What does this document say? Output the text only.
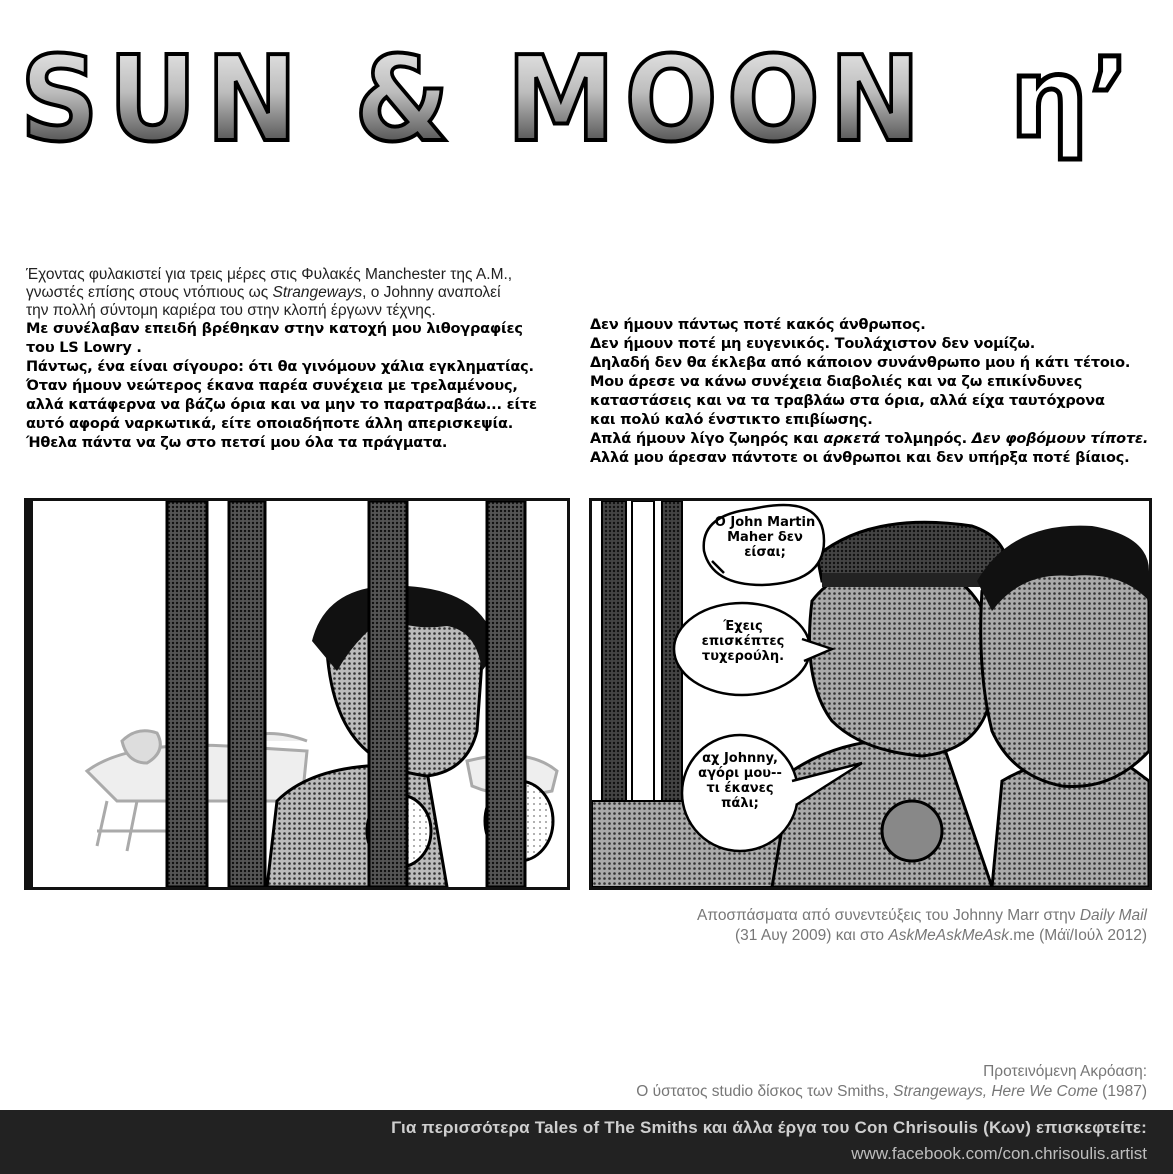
SUN & MOON η’

Έχοντας φυλακιστεί για τρεις μέρες στις Φυλακές Manchester της Α.Μ.,

γνωστές επίσης στους ντόπιους ως Strangeways, ο Johnny αναπολεί

την πολλή σύντομη καριέρα του στην κλοπή έργωνν τέχνης.

Με συνέλαβαν επειδή βρέθηκαν στην κατοχή μου λιθογραφίες

του LS Lowry .

Πάντως, ένα είναι σίγουρο: ότι θα γινόμουν χάλια εγκληματίας.

Όταν ήμουν νεώτερος έκανα παρέα συνέχεια με τρελαμένους,

αλλά κατάφερνα να βάζω όρια και να μην το παρατραβάω... είτε

αυτό αφορά ναρκωτικά, είτε οποιαδήποτε άλλη απερισκεψία.

Ήθελα πάντα να ζω στο πετσί μου όλα τα πράγματα.

Δεν ήμουν πάντως ποτέ κακός άνθρωπος.

Δεν ήμουν ποτέ μη ευγενικός. Τουλάχιστον δεν νομίζω.

Δηλαδή δεν θα έκλεβα από κάποιον συνάνθρωπο μου ή κάτι τέτοιο.

Μου άρεσε να κάνω συνέχεια διαβολιές και να ζω επικίνδυνες

καταστάσεις και να τα τραβλάω στα όρια, αλλά είχα ταυτόχρονα

και πολύ καλό ένστικτο επιβίωσης.

Απλά ήμουν λίγο ζωηρός και αρκετά τολμηρός. Δεν φοβόμουν τίποτε.

Αλλά μου άρεσαν πάντοτε οι άνθρωποι και δεν υπήρξα ποτέ βίαιος.

Ο John Martin Maher δεν είσαι;
Έχεις επισκέπτες τυχερούλη.
αχ Johnny, αγόρι μου-- τι έκανες πάλι;
Αποσπάσματα από συνεντεύξεις του Johnny Marr στην Daily Mail
(31 Αυγ 2009) και στο AskMeAskMeAsk.me (Μάϊ/Ιούλ 2012)
Προτεινόμενη Ακρόαση:
Ο ύστατος studio δίσκος των Smiths, Strangeways, Here We Come (1987)
Για περισσότερα Tales of The Smiths και άλλα έργα του Con Chrisoulis (Κων) επισκεφτείτε:
www.facebook.com/con.chrisoulis.artist
